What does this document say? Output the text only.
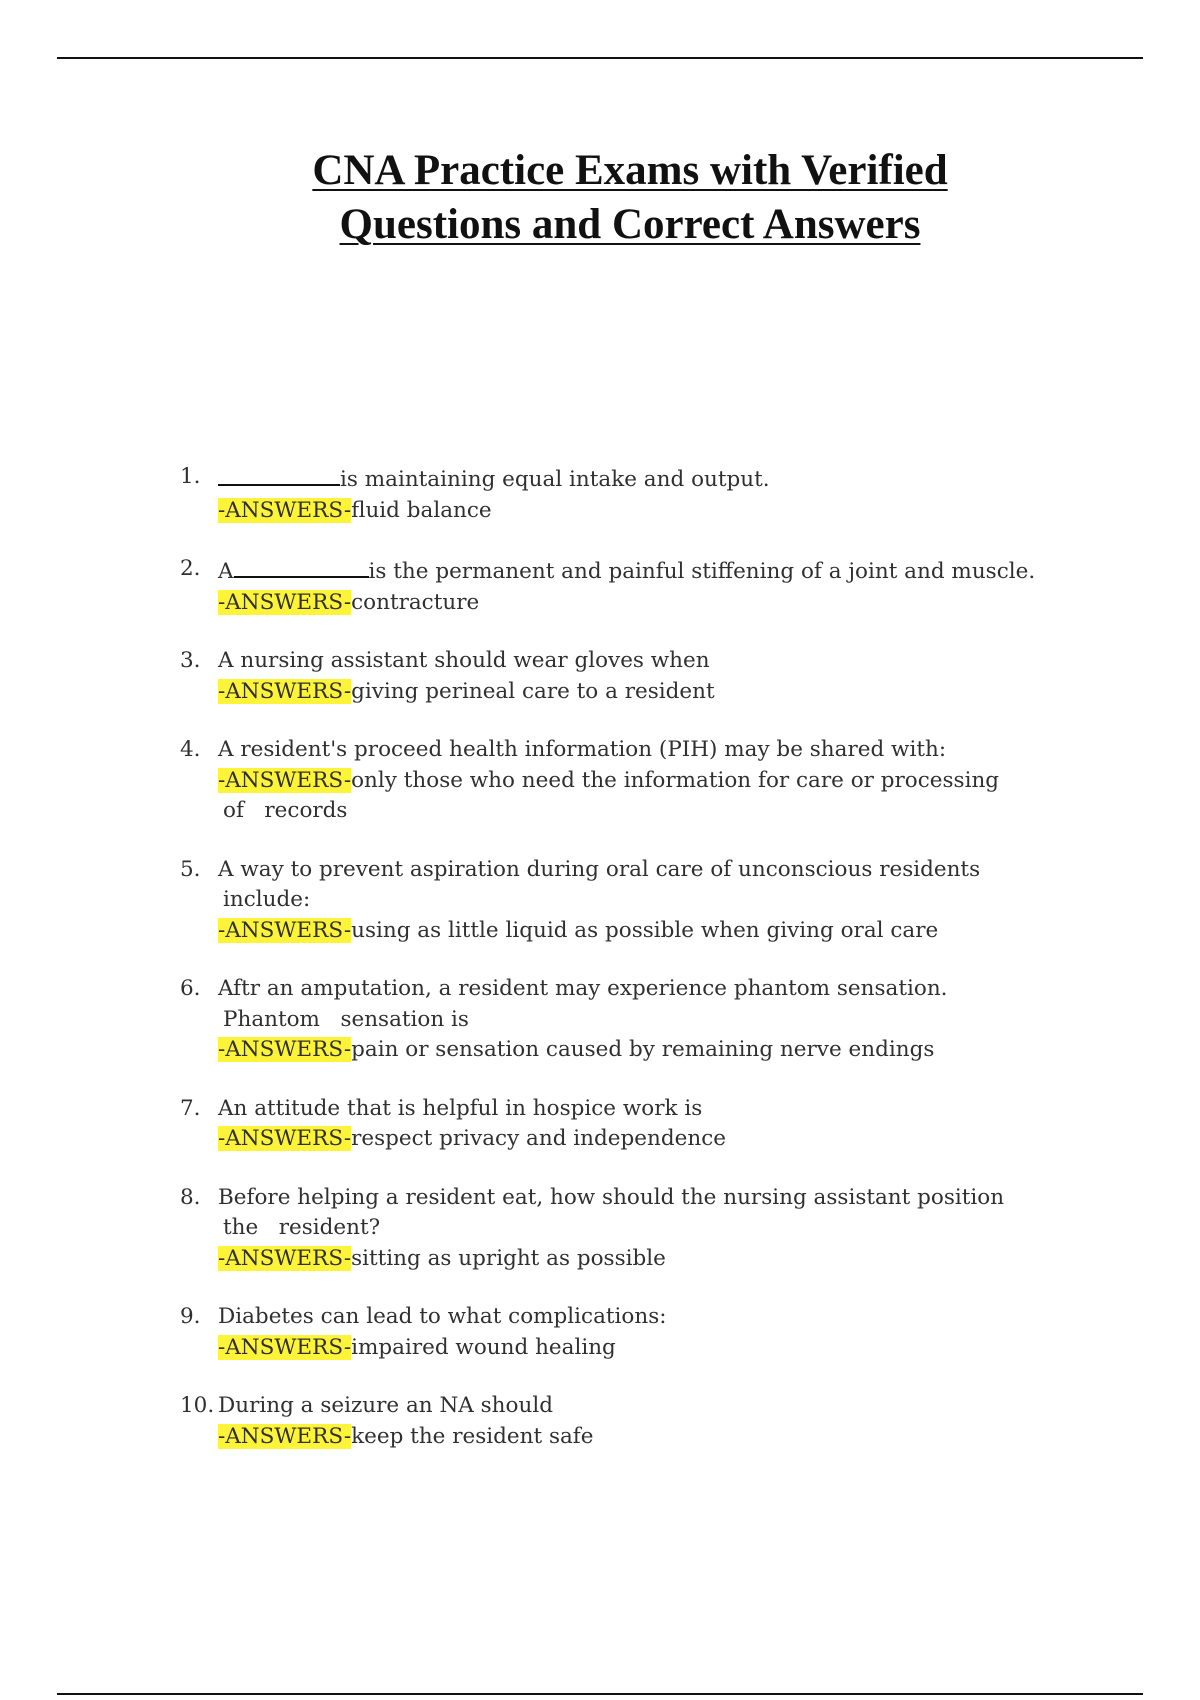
CNA Practice Exams with Verified
Questions and Correct Answers
1.	is maintaining equal intake and output.
-ANSWERS-fluid balance
2. A	is the permanent and painful stiffening of a joint and muscle.
-ANSWERS-contracture
3. A nursing assistant should wear gloves when
-ANSWERS-giving perineal care to a resident
4. A resident's proceed health information (PIH) may be shared with:
-ANSWERS-only those who need the information for care or processing
of   records
5. A way to prevent aspiration during oral care of unconscious residents
include:
-ANSWERS-using as little liquid as possible when giving oral care
6. Aftr an amputation, a resident may experience phantom sensation.
Phantom   sensation is
-ANSWERS-pain or sensation caused by remaining nerve endings
7. An attitude that is helpful in hospice work is
-ANSWERS-respect privacy and independence
8. Before helping a resident eat, how should the nursing assistant position
the   resident?
-ANSWERS-sitting as upright as possible
9. Diabetes can lead to what complications:
-ANSWERS-impaired wound healing
10. During a seizure an NA should
-ANSWERS-keep the resident safe
